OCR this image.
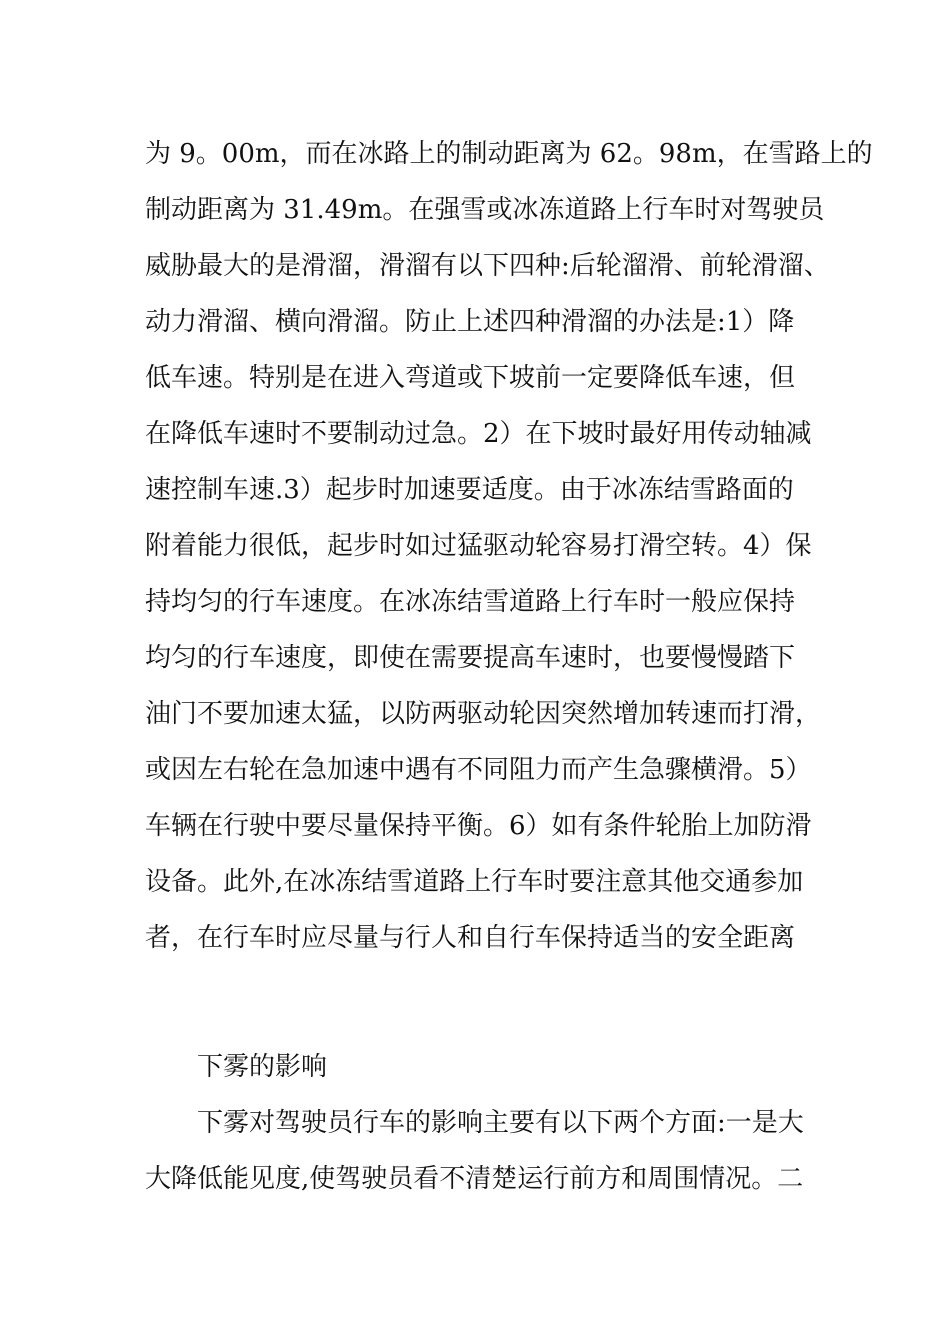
为 9。00m，而在冰路上的制动距离为 62。98m，在雪路上的
制动距离为 31.49m。在强雪或冰冻道路上行车时对驾驶员
威胁最大的是滑溜，滑溜有以下四种:后轮溜滑、前轮滑溜、
动力滑溜、横向滑溜。防止上述四种滑溜的办法是:1）降
低车速。特别是在进入弯道或下坡前一定要降低车速，但
在降低车速时不要制动过急。2）在下坡时最好用传动轴减
速控制车速.3）起步时加速要适度。由于冰冻结雪路面的
附着能力很低，起步时如过猛驱动轮容易打滑空转。4）保
持均匀的行车速度。在冰冻结雪道路上行车时一般应保持
均匀的行车速度，即使在需要提高车速时，也要慢慢踏下
油门不要加速太猛，以防两驱动轮因突然增加转速而打滑，
或因左右轮在急加速中遇有不同阻力而产生急骤横滑。5）
车辆在行驶中要尽量保持平衡。6）如有条件轮胎上加防滑
设备。此外,在冰冻结雪道路上行车时要注意其他交通参加
者，在行车时应尽量与行人和自行车保持适当的安全距离
下雾的影响
下雾对驾驶员行车的影响主要有以下两个方面:一是大
大降低能见度,使驾驶员看不清楚运行前方和周围情况。二
